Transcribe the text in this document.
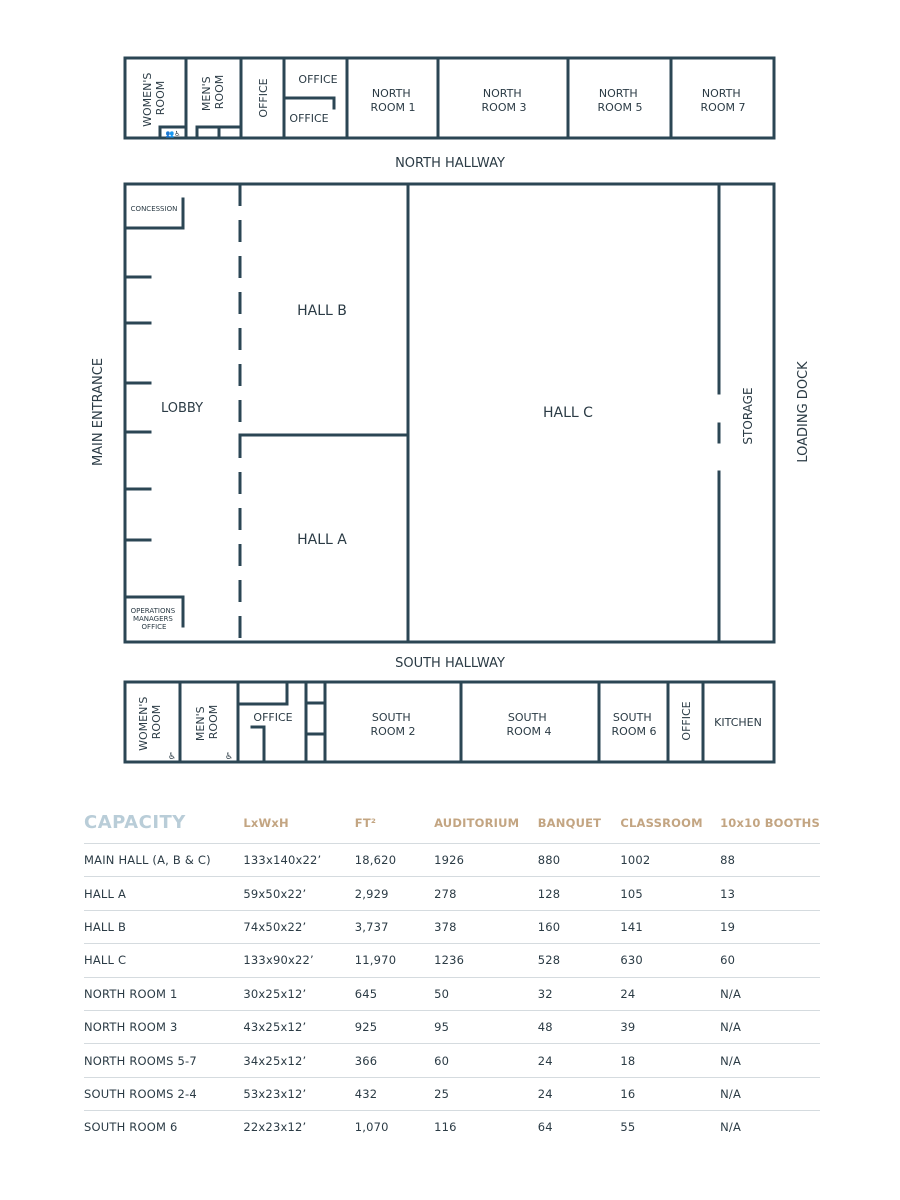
👥♿
♿	♿
WOMEN'S ROOM	MEN'S ROOM	OFFICE	OFFICE
OFFICE
NORTH ROOM 1
NORTH ROOM 3
NORTH ROOM 5
NORTH ROOM 7
NORTH HALLWAY
SOUTH HALLWAY
MAIN ENTRANCE	LOADING DOCK
CONCESSION
LOBBY
OPERATIONS MANAGERS OFFICE
HALL B
HALL A
HALL C	STORAGE
WOMEN'S ROOM	MEN'S ROOM	OFFICE	SOUTH ROOM 2
SOUTH ROOM 4
SOUTH ROOM 6 OFFICE KITCHEN
CAPACITY	LxWxH	FT²	AUDITORIUM	BANQUET	CLASSROOM	10x10 BOOTHS
MAIN HALL (A, B & C)	133x140x22’	18,620	1926	880	1002	88
HALL A	59x50x22’	2,929	278	128	105	13
HALL B	74x50x22’	3,737	378	160	141	19
HALL C	133x90x22’	11,970	1236	528	630	60
NORTH ROOM 1	30x25x12’	645	50	32	24	N/A
NORTH ROOM 3	43x25x12’	925	95	48	39	N/A
NORTH ROOMS 5-7	34x25x12’	366	60	24	18	N/A
SOUTH ROOMS 2-4	53x23x12’	432	25	24	16	N/A
SOUTH ROOM 6	22x23x12’	1,070	116	64	55	N/A
